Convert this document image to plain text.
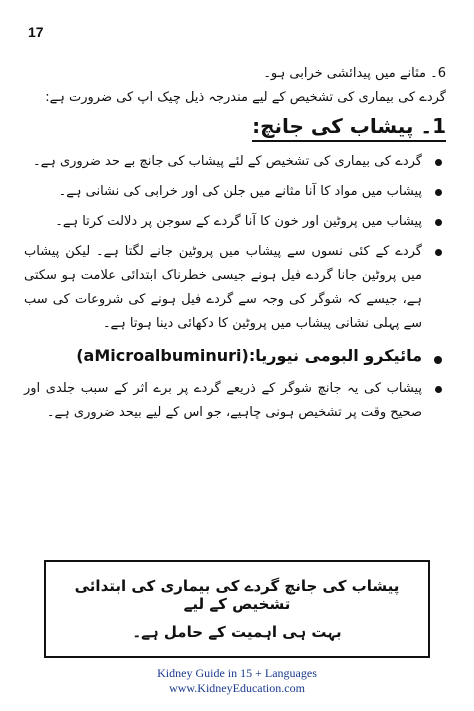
17

6۔ مثانے میں پیدائشی خرابی ہو۔

گردے کی بیماری کی تشخیص کے لیے مندرجہ ذیل چیک اپ کی ضرورت ہے:

1۔ پیشاب کی جانچ:
گردے کی بیماری کی تشخیص کے لئے پیشاب کی جانچ بے حد ضروری ہے۔
پیشاب میں مواد کا آنا مثانے میں جلن کی اور خرابی کی نشانی ہے۔
پیشاب میں پروٹین اور خون کا آنا گردے کے سوجن پر دلالت کرتا ہے۔
گردے کے کئی نسوں سے پیشاب میں پروٹین جانے لگتا ہے۔ لیکن پیشاب میں پروٹین جانا گردے فیل ہونے جیسی خطرناک ابتدائی علامت ہو سکتی ہے، جیسے کہ شوگر کی وجہ سے گردے فیل ہونے کی شروعات کی سب سے پہلی نشانی پیشاب میں پروٹین کا دکھائی دینا ہوتا ہے۔
مائیکرو البومی نیوریا(aMicroalbuminuri):
پیشاب کی یہ جانچ شوگر کے ذریعے گردے پر برے اثر کے سبب جلدی اور صحیح وقت پر تشخیص ہونی چاہیے، جو اس کے لیے بیحد ضروری ہے۔

پیشاب کی جانچ گردے کی بیماری کی ابتدائی تشخیص کے لیے

بہت ہی اہمیت کے حامل ہے۔

Kidney Guide in 15 + Languages
www.KidneyEducation.com
